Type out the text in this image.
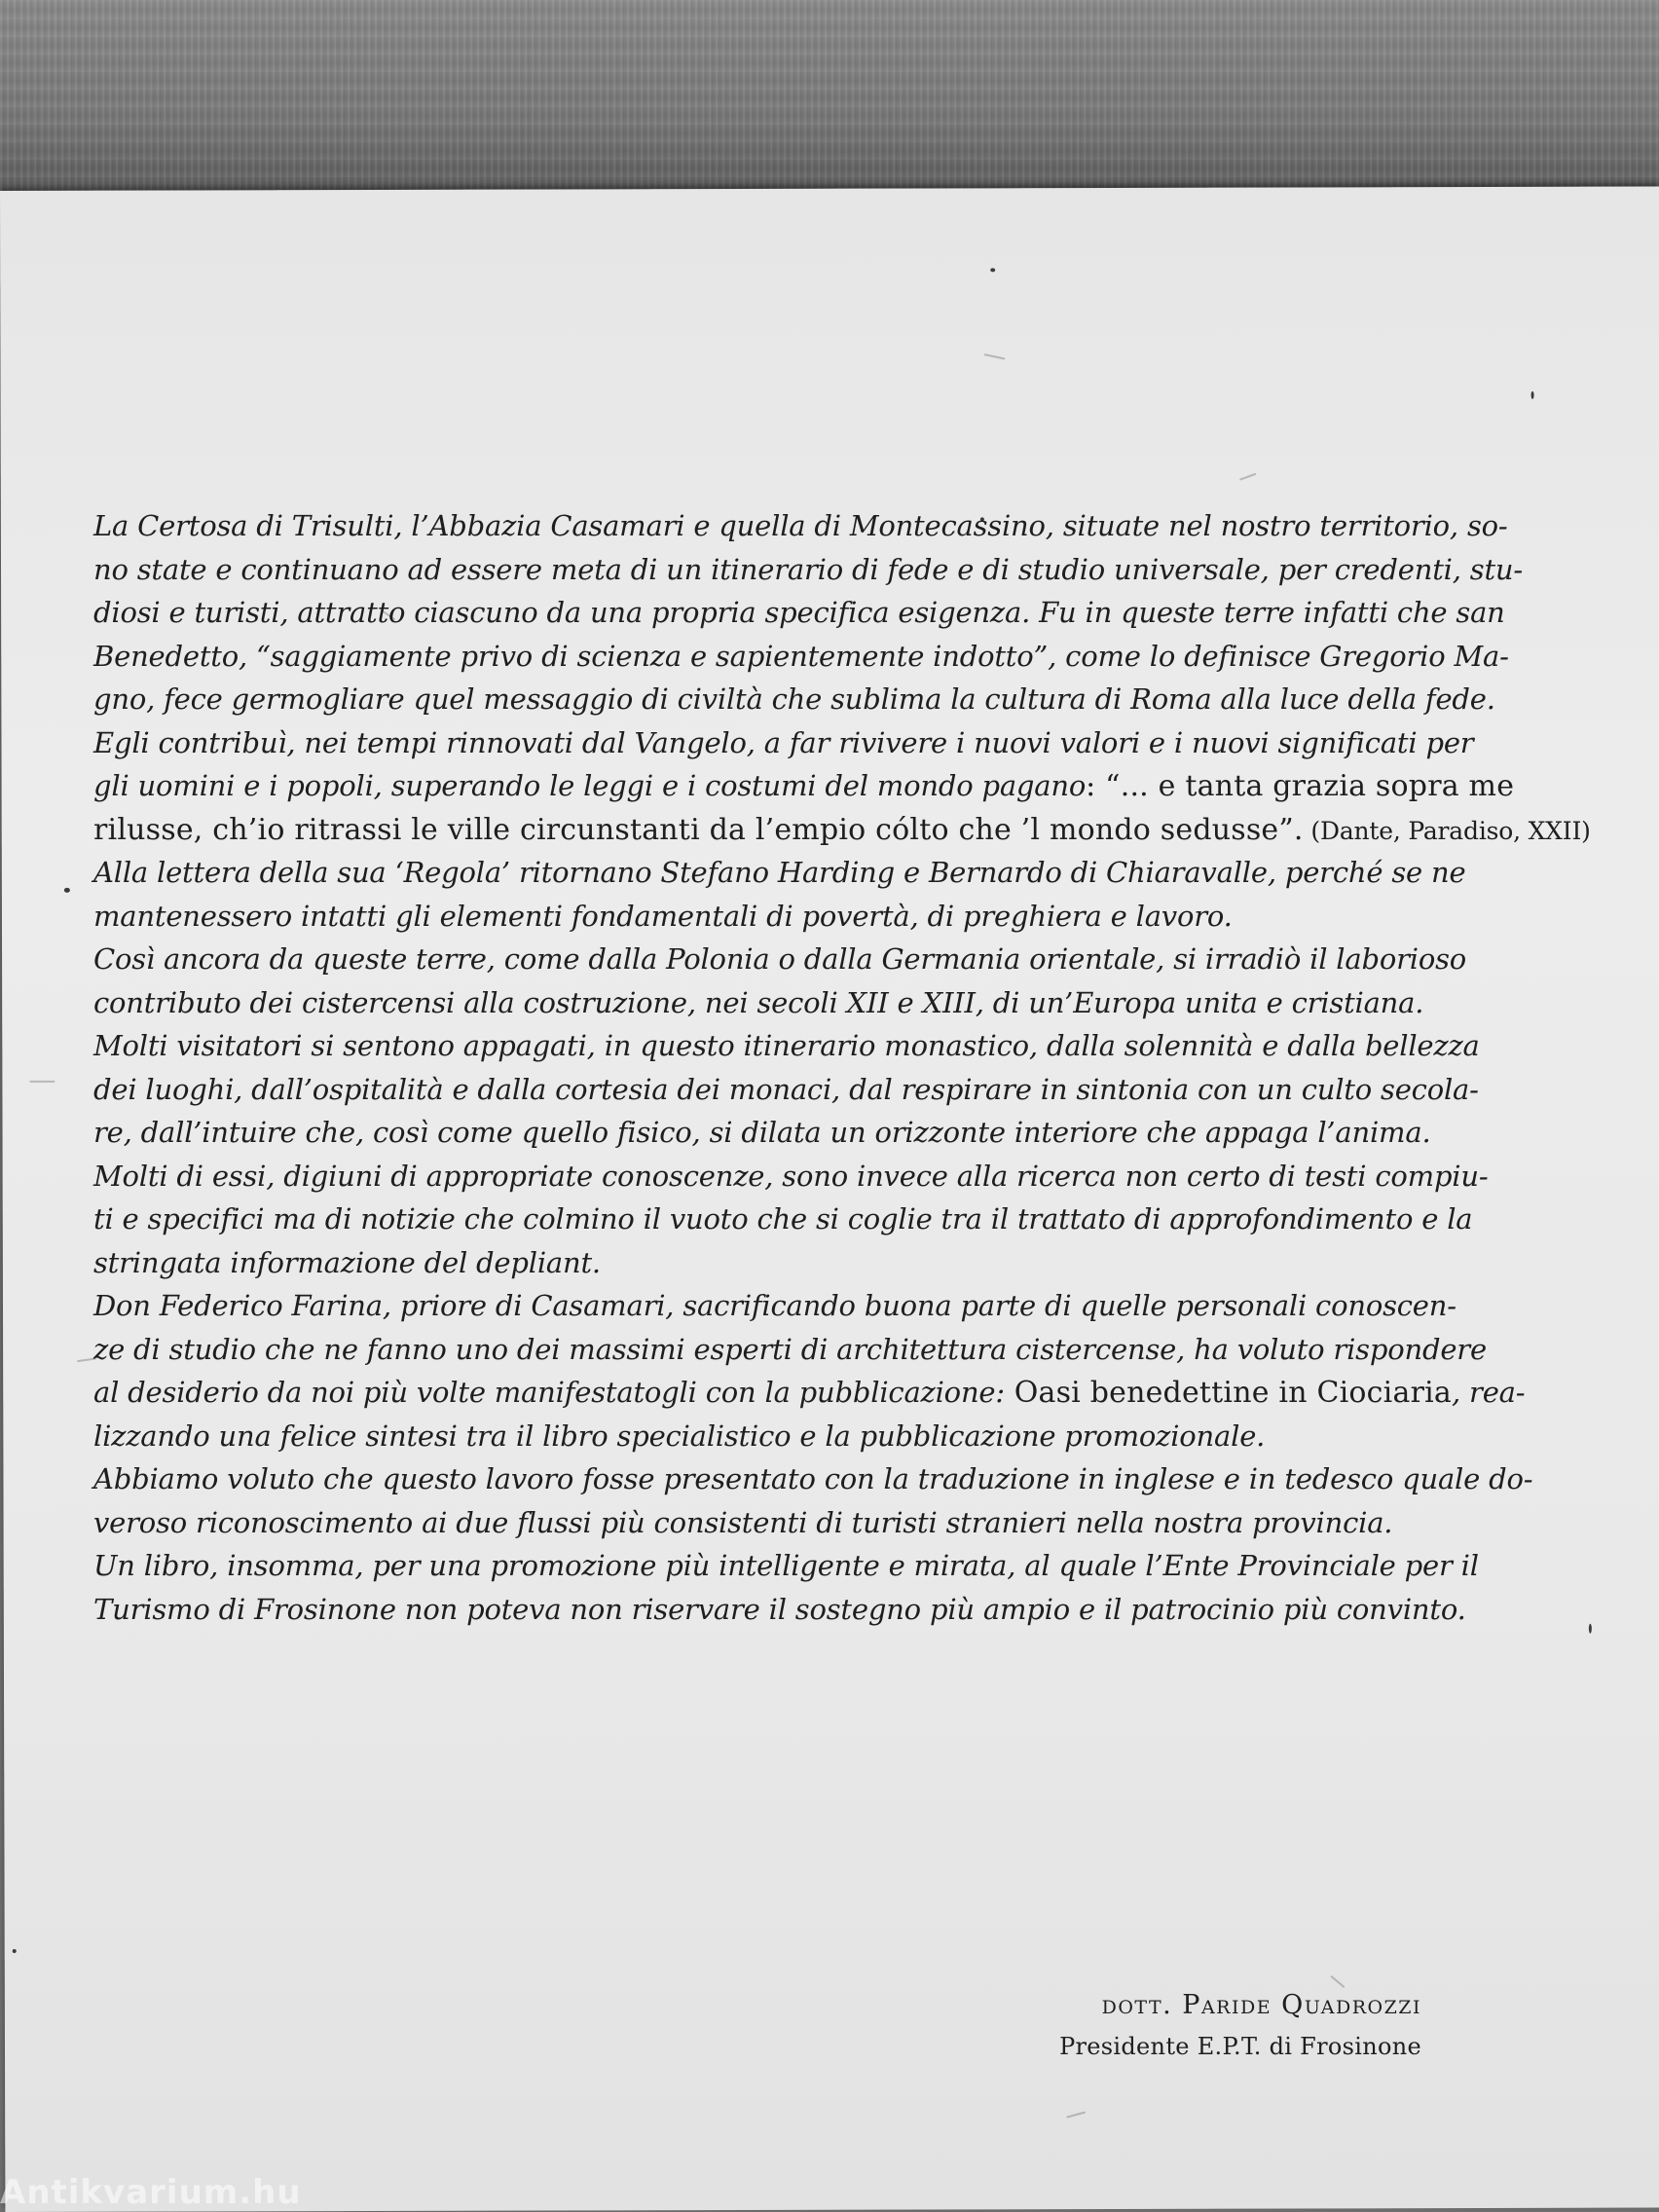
La Certosa di Trisulti, l’Abbazia Casamari e quella di Montecassino, situate nel nostro territorio, so-
no state e continuano ad essere meta di un itinerario di fede e di studio universale, per credenti, stu-
diosi e turisti, attratto ciascuno da una propria specifica esigenza. Fu in queste terre infatti che san
Benedetto, “saggiamente privo di scienza e sapientemente indotto”, come lo definisce Gregorio Ma-
gno, fece germogliare quel messaggio di civiltà che sublima la cultura di Roma alla luce della fede.
Egli contribuì, nei tempi rinnovati dal Vangelo, a far rivivere i nuovi valori e i nuovi significati per
gli uomini e i popoli, superando le leggi e i costumi del mondo pagano: “... e tanta grazia sopra me
rilusse, ch’io ritrassi le ville circunstanti da l’empio cólto che ’l mondo sedusse”. (Dante, Paradiso, XXII)
Alla lettera della sua ‘Regola’ ritornano Stefano Harding e Bernardo di Chiaravalle, perché se ne
mantenessero intatti gli elementi fondamentali di povertà, di preghiera e lavoro.
Così ancora da queste terre, come dalla Polonia o dalla Germania orientale, si irradiò il laborioso
contributo dei cistercensi alla costruzione, nei secoli XII e XIII, di un’Europa unita e cristiana.
Molti visitatori si sentono appagati, in questo itinerario monastico, dalla solennità e dalla bellezza
dei luoghi, dall’ospitalità e dalla cortesia dei monaci, dal respirare in sintonia con un culto secola-
re, dall’intuire che, così come quello fisico, si dilata un orizzonte interiore che appaga l’anima.
Molti di essi, digiuni di appropriate conoscenze, sono invece alla ricerca non certo di testi compiu-
ti e specifici ma di notizie che colmino il vuoto che si coglie tra il trattato di approfondimento e la
stringata informazione del depliant.
Don Federico Farina, priore di Casamari, sacrificando buona parte di quelle personali conoscen-
ze di studio che ne fanno uno dei massimi esperti di architettura cistercense, ha voluto rispondere
al desiderio da noi più volte manifestatogli con la pubblicazione: Oasi benedettine in Ciociaria, rea-
lizzando una felice sintesi tra il libro specialistico e la pubblicazione promozionale.
Abbiamo voluto che questo lavoro fosse presentato con la traduzione in inglese e in tedesco quale do-
veroso riconoscimento ai due flussi più consistenti di turisti stranieri nella nostra provincia.
Un libro, insomma, per una promozione più intelligente e mirata, al quale l’Ente Provinciale per il
Turismo di Frosinone non poteva non riservare il sostegno più ampio e il patrocinio più convinto.
dott. Paride Quadrozzi
Presidente E.P.T. di Frosinone
Antikvarium.hu
